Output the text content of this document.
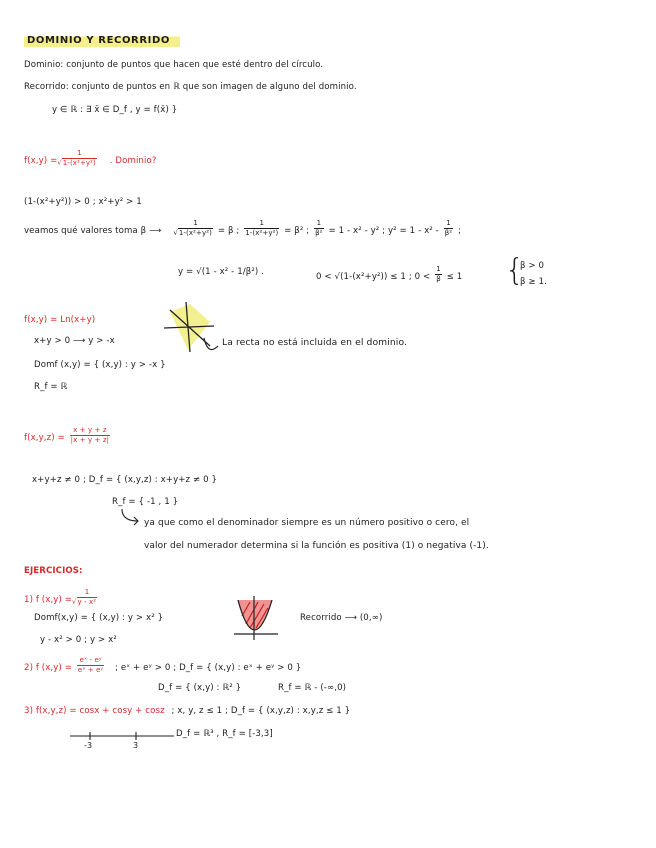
DOMINIO Y RECORRIDO
Dominio: conjunto de puntos que hacen que esté dentro del círculo.
Recorrido: conjunto de puntos en ℝ que son imagen de alguno del dominio.
y ∈ ℝ : ∃ x̄ ∈ D_f , y = f(x̄) }
f(x,y) = 1
√ 1-(x²+y²) . Dominio?
(1-(x²+y²)) > 0 ; x²+y² > 1
veamos qué valores toma β ⟶ 1
√ 1-(x²+y²) = β ; $\frac{1}{\text{1-(x²+y²)}} = \beta^2$ ; $\frac{1}{\text{β²}} = 1 - x^2 - y^2$ ; $y^2 = 1 - x^2 - \frac{1}{\text{β²}}$ ;
y = √(1 - x² - 1/β²) .	0 < √(1-(x²+y²)) ≤ 1 ; $0 < \frac{1}{\beta} \le 1$ {
β > 0
β ≥ 1.
f(x,y) = Ln(x+y)
x+y > 0 ⟶ y > -x
Domf (x,y) = { (x,y) : y > -x }
R_f = ℝ
La recta no está incluida en el dominio.
$f(x,y,z) = \frac{x + y + z}{|x + y + z|}$
x+y+z ≠ 0 ; D_f = { (x,y,z) : x+y+z ≠ 0 }
R_f = { -1 , 1 }
ya que como el denominador siempre es un número positivo o cero, el
valor del numerador determina si la función es positiva (1) o negativa (-1).
EJERCICIOS:
1) f (x,y) = 1
√ y - x²
Domf(x,y) = { (x,y) : y > x² }
y - x² > 0 ; y > x²
Recorrido ⟶ (0,∞)
2) f $(x,y) = \frac{\text{eˣ - eʸ}}{\text{eˣ + eʸ}}$ ; eˣ + eʸ > 0 ; D_f = { (x,y) : eˣ + eʸ > 0 }
D_f = { (x,y) : ℝ² }	R_f = ℝ - (-∞,0)
3) f(x,y,z) = cosx + cosy + cosz ; x, y, z ≤ 1 ; D_f = { (x,y,z) : x,y,z ≤ 1 }
-3	3
D_f = ℝ³ , R_f = [-3,3]
